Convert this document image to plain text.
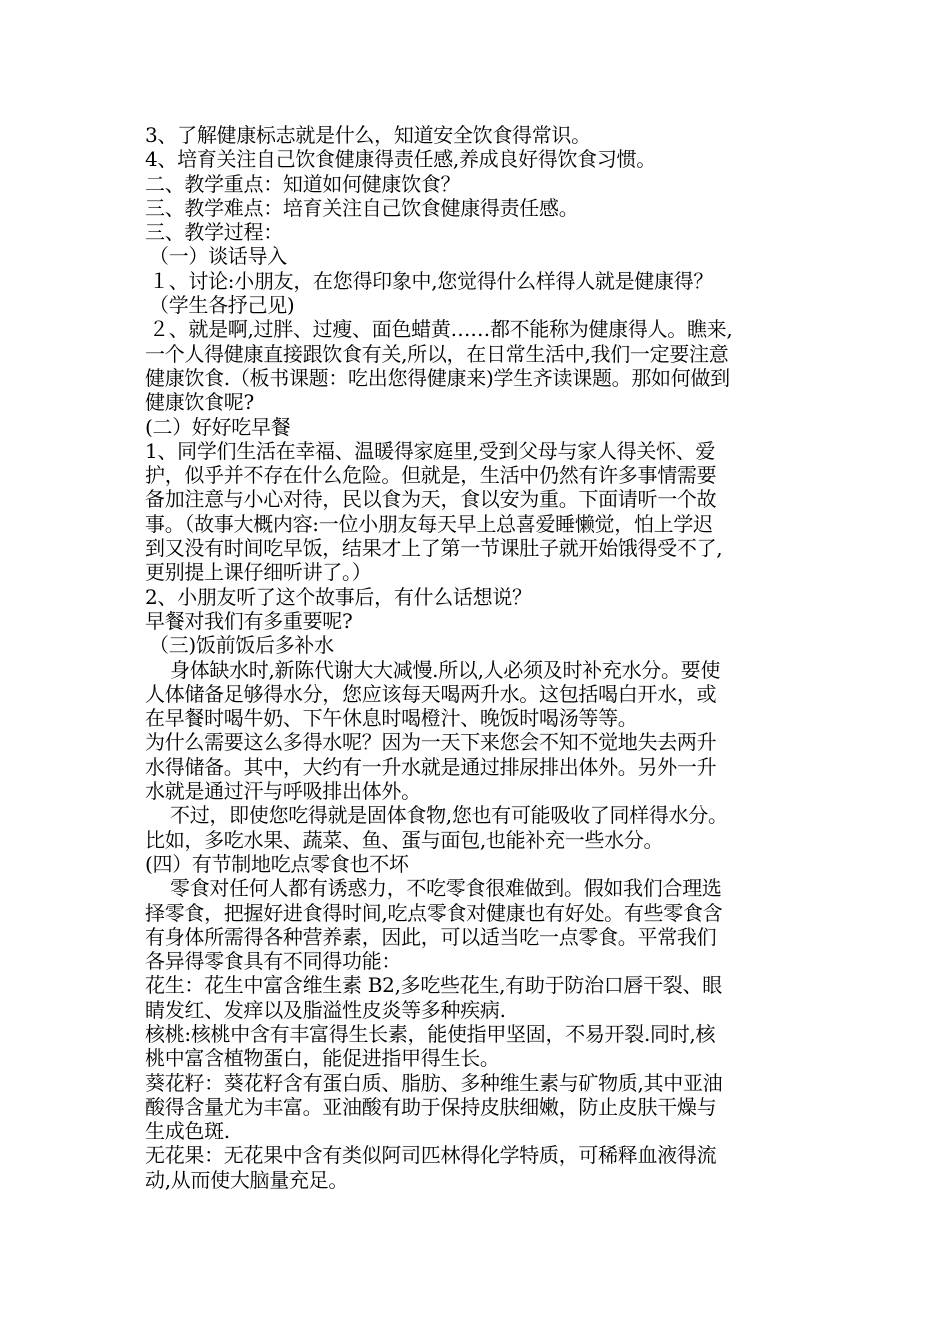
3、了解健康标志就是什么，知道安全饮食得常识。
4、培育关注自己饮食健康得责任感,养成良好得饮食习惯。
二、教学重点：知道如何健康饮食？
三、教学难点：培育关注自己饮食健康得责任感。
三、教学过程：
（一）谈话导入
１、讨论:小朋友，在您得印象中,您觉得什么样得人就是健康得？
（学生各抒己见)
２、就是啊,过胖、过瘦、面色蜡黄……都不能称为健康得人。瞧来,
一个人得健康直接跟饮食有关,所以，在日常生活中,我们一定要注意
健康饮食.（板书课题：吃出您得健康来)学生齐读课题。那如何做到
健康饮食呢?
(二）好好吃早餐
1、同学们生活在幸福、温暖得家庭里,受到父母与家人得关怀、爱
护，似乎并不存在什么危险。但就是，生活中仍然有许多事情需要
备加注意与小心对待，民以食为天，食以安为重。下面请听一个故
事。（故事大概内容:一位小朋友每天早上总喜爱睡懒觉，怕上学迟
到又没有时间吃早饭，结果才上了第一节课肚子就开始饿得受不了,
更别提上课仔细听讲了。）
2、小朋友听了这个故事后，有什么话想说？
早餐对我们有多重要呢?
（三)饭前饭后多补水
身体缺水时,新陈代谢大大减慢.所以,人必须及时补充水分。要使
人体储备足够得水分，您应该每天喝两升水。这包括喝白开水，或
在早餐时喝牛奶、下午休息时喝橙汁、晚饭时喝汤等等。
为什么需要这么多得水呢？因为一天下来您会不知不觉地失去两升
水得储备。其中，大约有一升水就是通过排尿排出体外。另外一升
水就是通过汗与呼吸排出体外。
不过，即使您吃得就是固体食物,您也有可能吸收了同样得水分。
比如，多吃水果、蔬菜、鱼、蛋与面包,也能补充一些水分。
(四）有节制地吃点零食也不坏
零食对任何人都有诱惑力，不吃零食很难做到。假如我们合理选
择零食，把握好进食得时间,吃点零食对健康也有好处。有些零食含
有身体所需得各种营养素，因此，可以适当吃一点零食。平常我们
各异得零食具有不同得功能：
花生：花生中富含维生素 B2,多吃些花生,有助于防治口唇干裂、眼
睛发红、发痒以及脂溢性皮炎等多种疾病.
核桃:核桃中含有丰富得生长素，能使指甲坚固，不易开裂.同时,核
桃中富含植物蛋白，能促进指甲得生长。
葵花籽：葵花籽含有蛋白质、脂肪、多种维生素与矿物质,其中亚油
酸得含量尤为丰富。亚油酸有助于保持皮肤细嫩，防止皮肤干燥与
生成色斑.
无花果：无花果中含有类似阿司匹林得化学特质，可稀释血液得流
动,从而使大脑量充足。
